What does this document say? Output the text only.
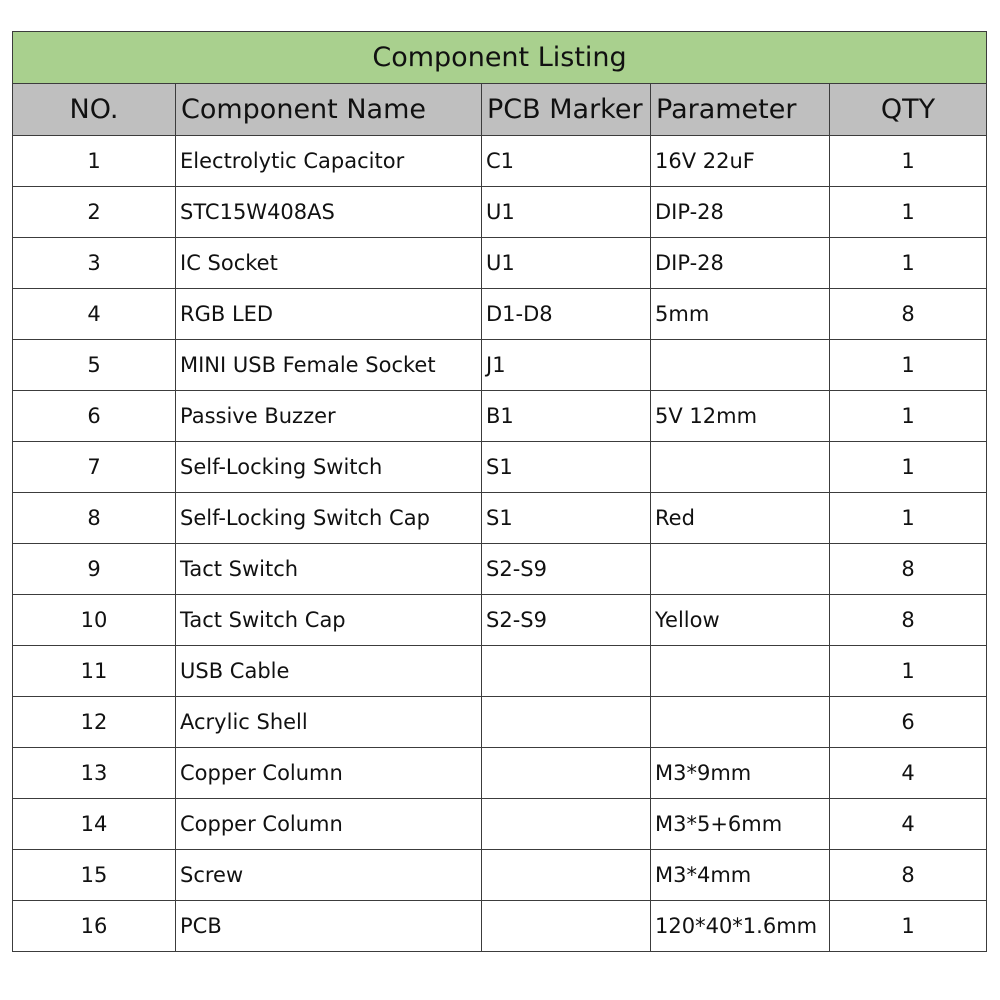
Component Listing				
NO.	Component Name	PCB Marker	Parameter	QTY
1	Electrolytic Capacitor	C1	16V 22uF	1
2	STC15W408AS	U1	DIP-28	1
3	IC Socket	U1	DIP-28	1
4	RGB LED	D1-D8	5mm	8
5	MINI USB Female Socket	J1		1
6	Passive Buzzer	B1	5V 12mm	1
7	Self-Locking Switch	S1		1
8	Self-Locking Switch Cap	S1	Red	1
9	Tact Switch	S2-S9		8
10	Tact Switch Cap	S2-S9	Yellow	8
11	USB Cable			1
12	Acrylic Shell			6
13	Copper Column		M3*9mm	4
14	Copper Column		M3*5+6mm	4
15	Screw		M3*4mm	8
16	PCB		120*40*1.6mm	1
